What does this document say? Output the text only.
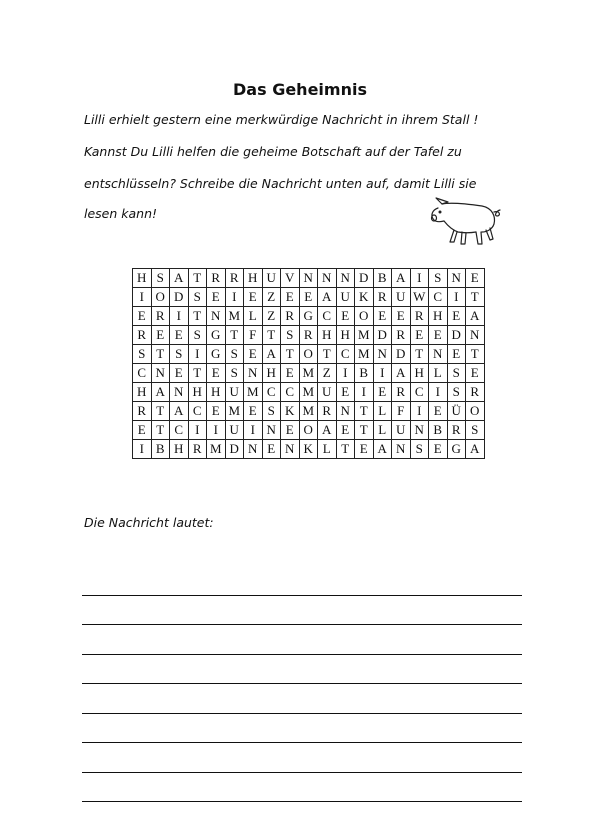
Das Geheimnis
Lilli erhielt gestern eine merkwürdige Nachricht in ihrem Stall !
Kannst Du Lilli helfen die geheime Botschaft auf der Tafel zu
entschlüsseln? Schreibe die Nachricht unten auf, damit Lilli sie
lesen kann!
H	S	A	T	R	R	H	U	V	N	N	N	D	B	A	I	S	N	E
I	O	D	S	E	I	E	Z	E	E	A	U	K	R	U	W	C	I	T
E	R	I	T	N	M	L	Z	R	G	C	E	O	E	E	R	H	E	A
R	E	E	S	G	T	F	T	S	R	H	H	M	D	R	E	E	D	N
S	T	S	I	G	S	E	A	T	O	T	C	M	N	D	T	N	E	T
C	N	E	T	E	S	N	H	E	M	Z	I	B	I	A	H	L	S	E
H	A	N	H	H	U	M	C	C	M	U	E	I	E	R	C	I	S	R
R	T	A	C	E	M	E	S	K	M	R	N	T	L	F	I	E	Ü	O
E	T	C	I	I	U	I	N	E	O	A	E	T	L	U	N	B	R	S
I	B	H	R	M	D	N	E	N	K	L	T	E	A	N	S	E	G	A
Die Nachricht lautet:
